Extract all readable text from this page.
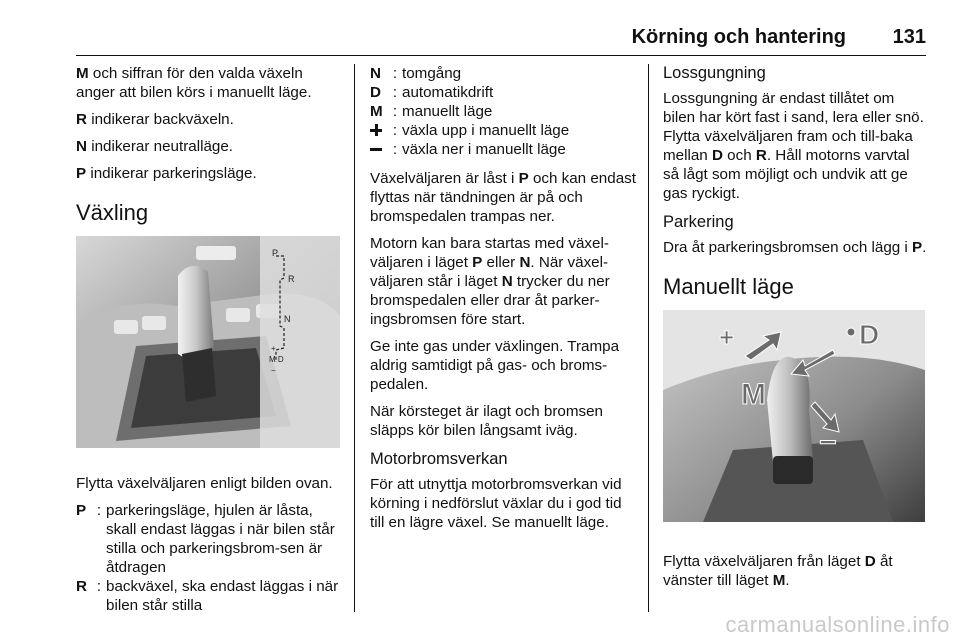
Körning och hantering 131

M och siffran för den valda växeln anger att bilen körs i manuellt läge.

R indikerar backväxeln.

N indikerar neutralläge.

P indikerar parkeringsläge.

Växling
P
R
N
+
M D
−

Flytta växelväljaren enligt bilden ovan.

P : parkeringsläge, hjulen är låsta, skall endast läggas i när bilen står stilla och parkeringsbrom-sen är åtdragen
R : backväxel, ska endast läggas i när bilen står stilla
N : tomgång
D : automatikdrift
M : manuellt läge
: växla upp i manuellt läge
: växla ner i manuellt läge

Växelväljaren är låst i P och kan endast flyttas när tändningen är på och bromspedalen trampas ner.

Motorn kan bara startas med växel-väljaren i läget P eller N. När växel-väljaren står i läget N trycker du ner bromspedalen eller drar åt parker-ingsbromsen före start.

Ge inte gas under växlingen. Trampa aldrig samtidigt på gas- och broms-pedalen.

När körsteget är ilagt och bromsen släpps kör bilen långsamt iväg.

Motorbromsverkan

För att utnyttja motorbromsverkan vid körning i nedförslut växlar du i god tid till en lägre växel. Se manuellt läge.

Lossgungning

Lossgungning är endast tillåtet om bilen har kört fast i sand, lera eller snö. Flytta växelväljaren fram och till-baka mellan D och R. Håll motorns varvtal så lågt som möjligt och undvik att ge gas ryckigt.

Parkering

Dra åt parkeringsbromsen och lägg i P.

Manuellt läge
D
M
+
−

Flytta växelväljaren från läget D åt vänster till läget M.

carmanualsonline.info
